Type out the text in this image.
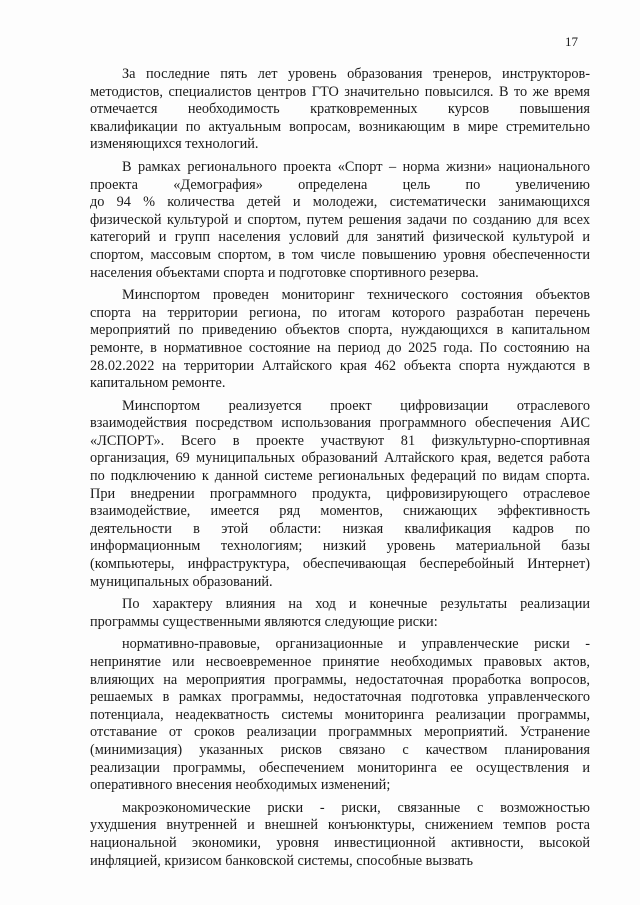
17
За последние пять лет уровень образования тренеров, инструкторов-
методистов, специалистов центров ГТО значительно повысился. В то же время
отмечается необходимость кратковременных курсов повышения
квалификации по актуальным вопросам, возникающим в мире стремительно
изменяющихся технологий.
В рамках регионального проекта «Спорт – норма жизни» национального
проекта «Демография» определена цель по увеличению
до 94 % количества детей и молодежи, систематически занимающихся
физической культурой и спортом, путем решения задачи по созданию для всех
категорий и групп населения условий для занятий физической культурой и
спортом, массовым спортом, в том числе повышению уровня обеспеченности
населения объектами спорта и подготовке спортивного резерва.
Минспортом проведен мониторинг технического состояния объектов
спорта на территории региона, по итогам которого разработан перечень
мероприятий по приведению объектов спорта, нуждающихся в капитальном
ремонте, в нормативное состояние на период до 2025 года. По состоянию на
28.02.2022 на территории Алтайского края 462 объекта спорта нуждаются в
капитальном ремонте.
Минспортом реализуется проект цифровизации отраслевого
взаимодействия посредством использования программного обеспечения АИС
«ЛСПОРТ». Всего в проекте участвуют 81 физкультурно-спортивная
организация, 69 муниципальных образований Алтайского края, ведется работа
по подключению к данной системе региональных федераций по видам спорта.
При внедрении программного продукта, цифровизирующего отраслевое
взаимодействие, имеется ряд моментов, снижающих эффективность
деятельности в этой области: низкая квалификация кадров по
информационным технологиям; низкий уровень материальной базы
(компьютеры, инфраструктура, обеспечивающая бесперебойный Интернет)
муниципальных образований.
По характеру влияния на ход и конечные результаты реализации
программы существенными являются следующие риски:
нормативно-правовые, организационные и управленческие риски -
непринятие или несвоевременное принятие необходимых правовых актов,
влияющих на мероприятия программы, недостаточная проработка вопросов,
решаемых в рамках программы, недостаточная подготовка управленческого
потенциала, неадекватность системы мониторинга реализации программы,
отставание от сроков реализации программных мероприятий. Устранение
(минимизация) указанных рисков связано с качеством планирования
реализации программы, обеспечением мониторинга ее осуществления и
оперативного внесения необходимых изменений;
макроэкономические риски - риски, связанные с возможностью
ухудшения внутренней и внешней конъюнктуры, снижением темпов роста
национальной экономики, уровня инвестиционной активности, высокой
инфляцией, кризисом банковской системы, способные вызвать
